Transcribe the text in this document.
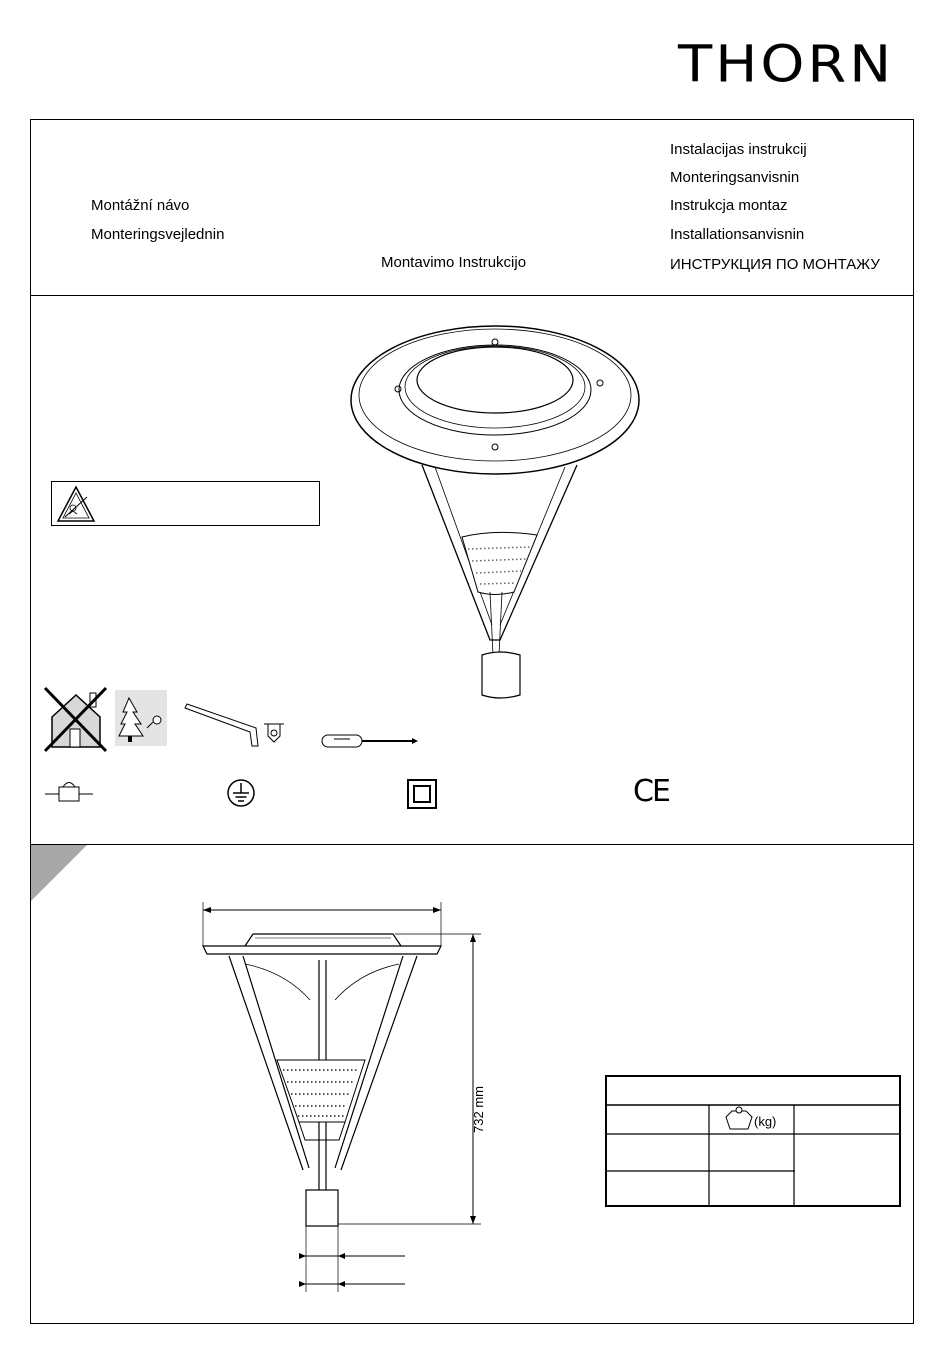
THORN
Montážní návo
Monteringsvejlednin
Montavimo Instrukcijo
Instalacijas instrukcij
Monteringsanvisnin
Instrukcja montaz
Installationsanvisnin
ИНСТРУКЦИЯ ПО МОНТАЖУ
CE
732 mm	(kg)
